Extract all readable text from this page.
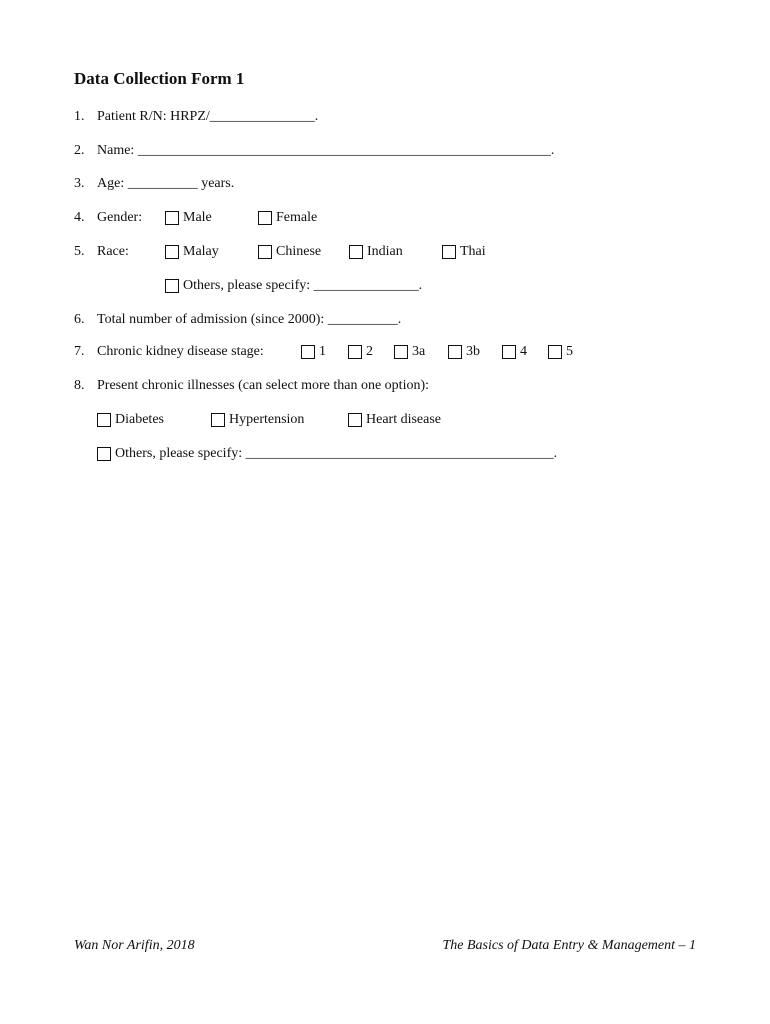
Data Collection Form 1
1. Patient R/N: HRPZ/_______________.
2. Name: ___________________________________________________________.
3. Age: __________ years.
4. Gender:	Male	Female
5. Race:	Malay	Chinese	Indian	Thai
Others, please specify: _______________.
6. Total number of admission (since 2000): __________.
7. Chronic kidney disease stage:	1	2	3a	3b	4	5
8. Present chronic illnesses (can select more than one option):
Diabetes	Hypertension	Heart disease
Others, please specify: ____________________________________________.
Wan Nor Arifin, 2018	The Basics of Data Entry & Management – 1
